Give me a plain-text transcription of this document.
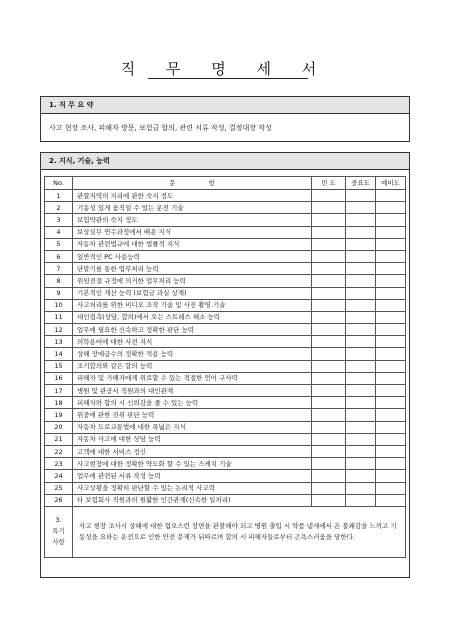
직 무 명 세 서
1. 직 무 요 약
사고 현장 조사, 피해자 방문, 보험금 합의, 관련 서류 작성, 결정대장 작성
2. 지식, 기술, 능력
No.	문                항	빈 도	중요도	예비도
1	관할지역의 지리에 관한 숙지 정도			
2	기동성 있게 움직일 수 있는 운전 기술			
3	보험약관의 숙지 정도			
4	보상실무 연수과정에서 배운 지식			
5	자동차 관련법규에 대한 법률적 지식			
6	일반적인 PC 사용능력			
7	단말기를 통한 업무처리 능력			
8	위임전결 규정에 의거한 업무처리 능력			
9	기본적인 계산 능력 (보험금 과실 상계)			
10	사고처리를 위한 비디오 조작 기술 및 사진 촬영 기술			
11	대인접촉(상담, 합의)에서 오는 스트레스 해소 능력			
12	업무에 필요한 신속하고 정확한 판단 능력			
13	의학용어에 대한 사전 지식			
14	상해 장애급수의 정확한 적용 능력			
15	조기합의와 같은 합의 능력			
16	피해자 및 가해자에게 위로할 수 있는 적절한 언어 구사력			
17	병원 및 관공서 직원과의 대인관계			
18	피해자와 합의 시 신뢰감을 줄 수 있는 능력			
19	위중에 관한 진위 판단 능력			
20	자동차 도로교통법에 대한 폭넓은 지식			
21	자동차 사고에 대한 상담 능력			
22	고객에 대한 서비스 정신			
23	사고현장에 대한 정확한 약도화 할 수 있는 스케치 기술			
24	업무에 관련된 서류 작성 능력			
25	사고상황을 정확히 판단할 수 있는 논리적 사고력			
26	타 보험회사 직원과의 원활한 인간관계(신속한 일처리)			
3.
특기
사항	사고 현장 조사시 상해에 대한 혐오스런 장면을 관찰해야 되고 병원 출입 시 약품 냄새에서 온 불쾌감을 느끼고 기동성을 요하는 운전으로 인한 안전 문제가 뒤따르며 합의 시 피해자들로부터 곤욕스러움을 당한다.			
